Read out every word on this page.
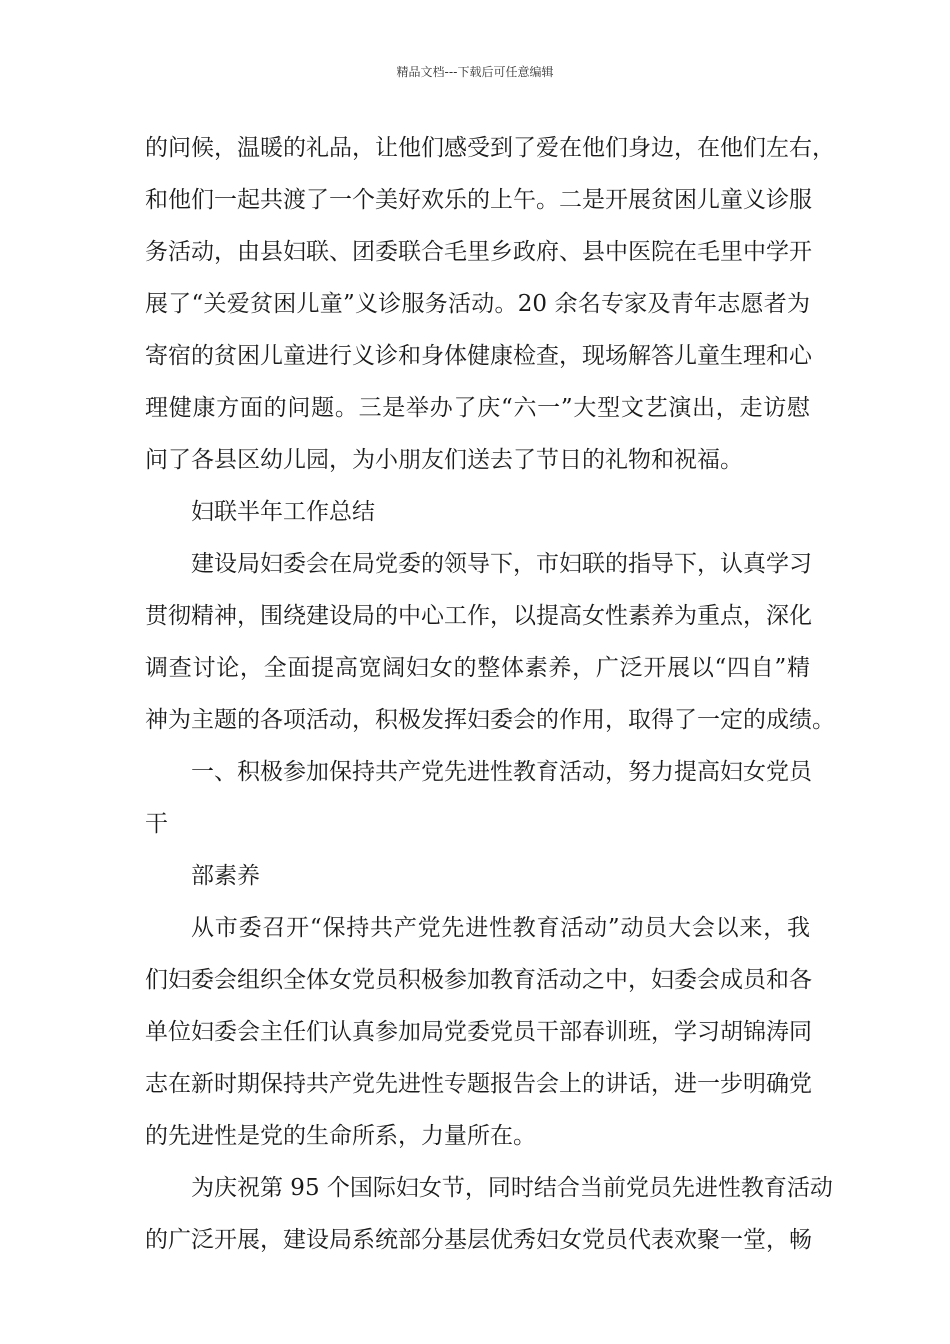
精品文档---下载后可任意编辑
的问候，温暖的礼品，让他们感受到了爱在他们身边，在他们左右，
和他们一起共渡了一个美好欢乐的上午。二是开展贫困儿童义诊服
务活动，由县妇联、团委联合毛里乡政府、县中医院在毛里中学开
展了“关爱贫困儿童”义诊服务活动。20 余名专家及青年志愿者为
寄宿的贫困儿童进行义诊和身体健康检查，现场解答儿童生理和心
理健康方面的问题。三是举办了庆“六一”大型文艺演出，走访慰
问了各县区幼儿园，为小朋友们送去了节日的礼物和祝福。
妇联半年工作总结
建设局妇委会在局党委的领导下，市妇联的指导下，认真学习
贯彻精神，围绕建设局的中心工作，以提高女性素养为重点，深化
调查讨论，全面提高宽阔妇女的整体素养，广泛开展以“四自”精
神为主题的各项活动，积极发挥妇委会的作用，取得了一定的成绩。
一、积极参加保持共产党先进性教育活动，努力提高妇女党员
干
部素养
从市委召开“保持共产党先进性教育活动”动员大会以来，我
们妇委会组织全体女党员积极参加教育活动之中，妇委会成员和各
单位妇委会主任们认真参加局党委党员干部春训班，学习胡锦涛同
志在新时期保持共产党先进性专题报告会上的讲话，进一步明确党
的先进性是党的生命所系，力量所在。
为庆祝第 95 个国际妇女节，同时结合当前党员先进性教育活动
的广泛开展，建设局系统部分基层优秀妇女党员代表欢聚一堂，畅
